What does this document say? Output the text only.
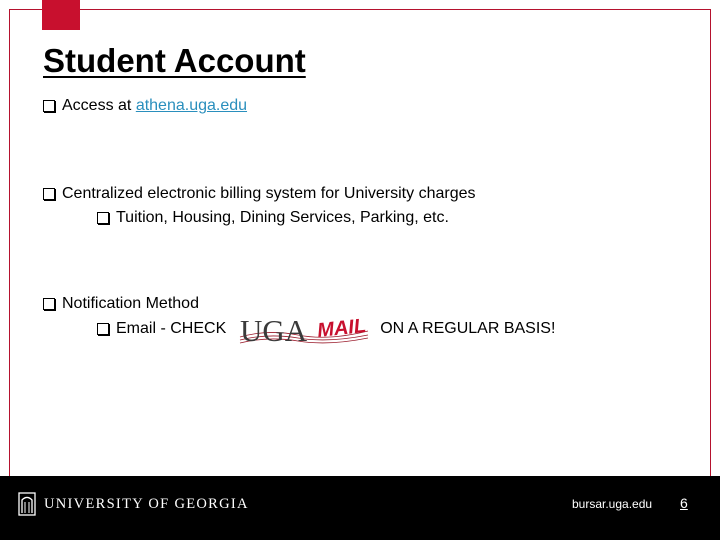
Student Account
Access at
athena.uga.edu
Centralized electronic billing system for University charges
Tuition, Housing, Dining Services, Parking, etc.
Notification Method
Email - CHECK UGA MAIL ON A REGULAR BASIS!
UNIVERSITY OF GEORGIA	bursar.uga.edu 6
